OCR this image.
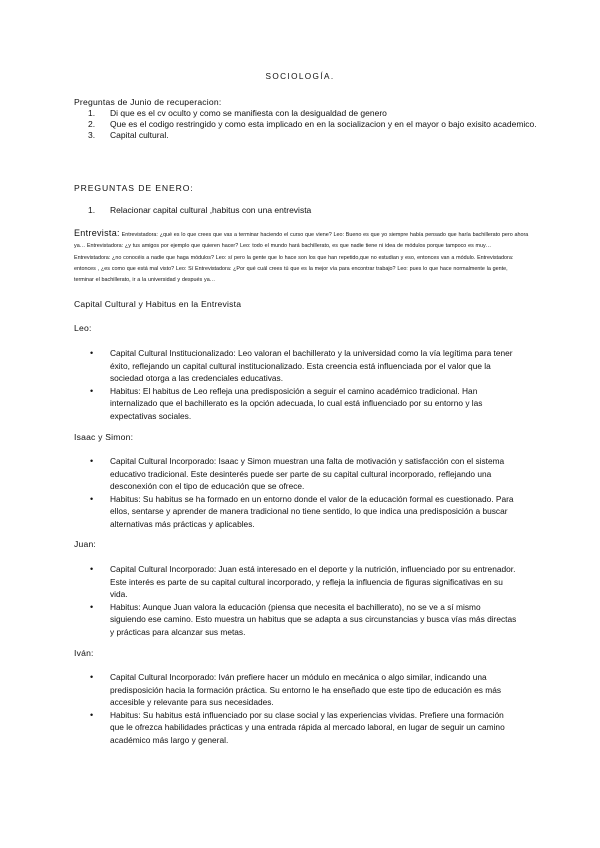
SOCIOLOGÍA.
Preguntas de Junio de recuperacion:
1. Di que es el cv oculto y como se manifiesta con la desigualdad de genero
2. Que es el codigo restringido y como esta implicado en en la socializacion y en el mayor o bajo exisito academico.
3. Capital cultural.
PREGUNTAS DE ENERO:
1. Relacionar capital cultural ,habitus con una entrevista
Entrevista: Entrevistadora: ¿qué es lo que crees que vas a terminar haciendo el curso que viene? Leo: Bueno es que yo siempre había pensado que haría bachillerato pero ahora ya… Entrevistadora: ¿y tus amigos por ejemplo que quieren hacer? Leo: todo el mundo hará bachillerato, es que nadie tiene ni idea de módulos porque tampoco es muy… Entrevistadora: ¿no conocéis a nadie que haga módulos? Leo: sí pero la gente que lo hace son los que han repetido,que no estudian y eso, entonces van a módulo. Entrevistadora: entonces , ¿es como que está mal visto? Leo: Sí Entrevistadora: ¿Por qué cuál crees tú que es la mejor vía para encontrar trabajo? Leo: pues lo que hace normalmente la gente, terminar el bachillerato, ir a la universidad y después ya…
Capital Cultural y Habitus en la Entrevista
Leo:
• Capital Cultural Institucionalizado: Leo valoran el bachillerato y la universidad como la vía legítima para tener éxito, reflejando un capital cultural institucionalizado. Esta creencia está influenciada por el valor que la sociedad otorga a las credenciales educativas.
• Habitus: El habitus de Leo refleja una predisposición a seguir el camino académico tradicional. Han internalizado que el bachillerato es la opción adecuada, lo cual está influenciado por su entorno y las expectativas sociales.
Isaac y Simon:
• Capital Cultural Incorporado: Isaac y Simon muestran una falta de motivación y satisfacción con el sistema educativo tradicional. Este desinterés puede ser parte de su capital cultural incorporado, reflejando una desconexión con el tipo de educación que se ofrece.
• Habitus: Su habitus se ha formado en un entorno donde el valor de la educación formal es cuestionado. Para ellos, sentarse y aprender de manera tradicional no tiene sentido, lo que indica una predisposición a buscar alternativas más prácticas y aplicables.
Juan:
• Capital Cultural Incorporado: Juan está interesado en el deporte y la nutrición, influenciado por su entrenador. Este interés es parte de su capital cultural incorporado, y refleja la influencia de figuras significativas en su vida.
• Habitus: Aunque Juan valora la educación (piensa que necesita el bachillerato), no se ve a sí mismo siguiendo ese camino. Esto muestra un habitus que se adapta a sus circunstancias y busca vías más directas y prácticas para alcanzar sus metas.
Iván:
• Capital Cultural Incorporado: Iván prefiere hacer un módulo en mecánica o algo similar, indicando una predisposición hacia la formación práctica. Su entorno le ha enseñado que este tipo de educación es más accesible y relevante para sus necesidades.
• Habitus: Su habitus está influenciado por su clase social y las experiencias vividas. Prefiere una formación que le ofrezca habilidades prácticas y una entrada rápida al mercado laboral, en lugar de seguir un camino académico más largo y general.
